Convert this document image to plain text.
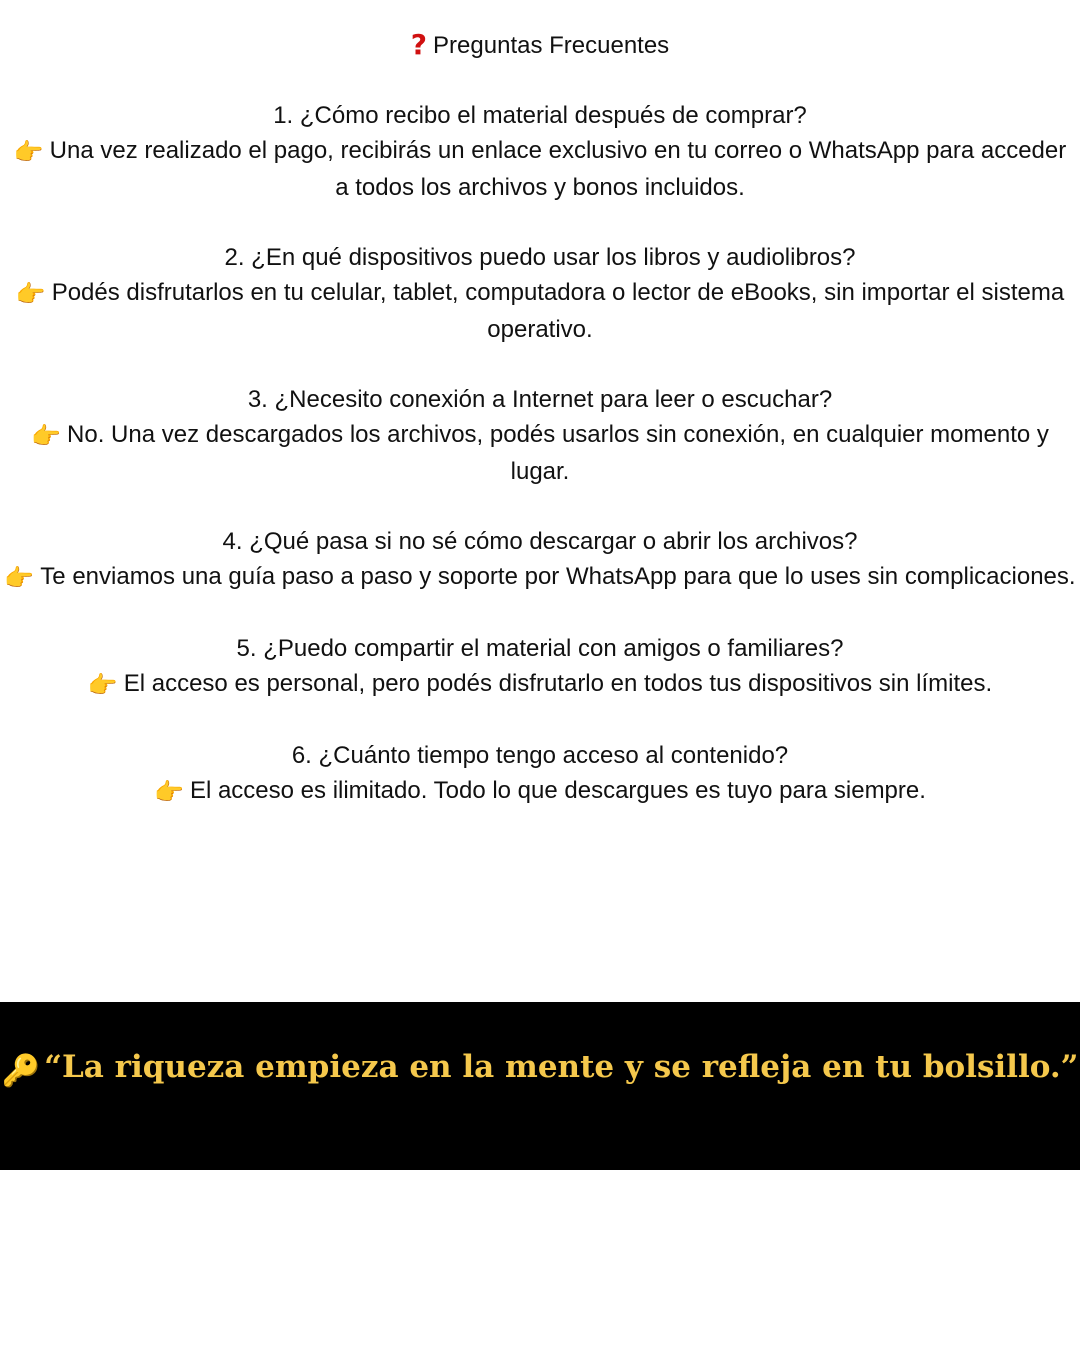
? Preguntas Frecuentes

1. ¿Cómo recibo el material después de comprar?

👉 Una vez realizado el pago, recibirás un enlace exclusivo en tu correo o WhatsApp para acceder a todos los archivos y bonos incluidos.

2. ¿En qué dispositivos puedo usar los libros y audiolibros?

👉 Podés disfrutarlos en tu celular, tablet, computadora o lector de eBooks, sin importar el sistema operativo.

3. ¿Necesito conexión a Internet para leer o escuchar?

👉 No. Una vez descargados los archivos, podés usarlos sin conexión, en cualquier momento y lugar.

4. ¿Qué pasa si no sé cómo descargar o abrir los archivos?

👉 Te enviamos una guía paso a paso y soporte por WhatsApp para que lo uses sin complicaciones.

5. ¿Puedo compartir el material con amigos o familiares?

👉 El acceso es personal, pero podés disfrutarlo en todos tus dispositivos sin límites.

6. ¿Cuánto tiempo tengo acceso al contenido?

👉 El acceso es ilimitado. Todo lo que descargues es tuyo para siempre.

🔑 “La riqueza empieza en la mente y se refleja en tu bolsillo.”
